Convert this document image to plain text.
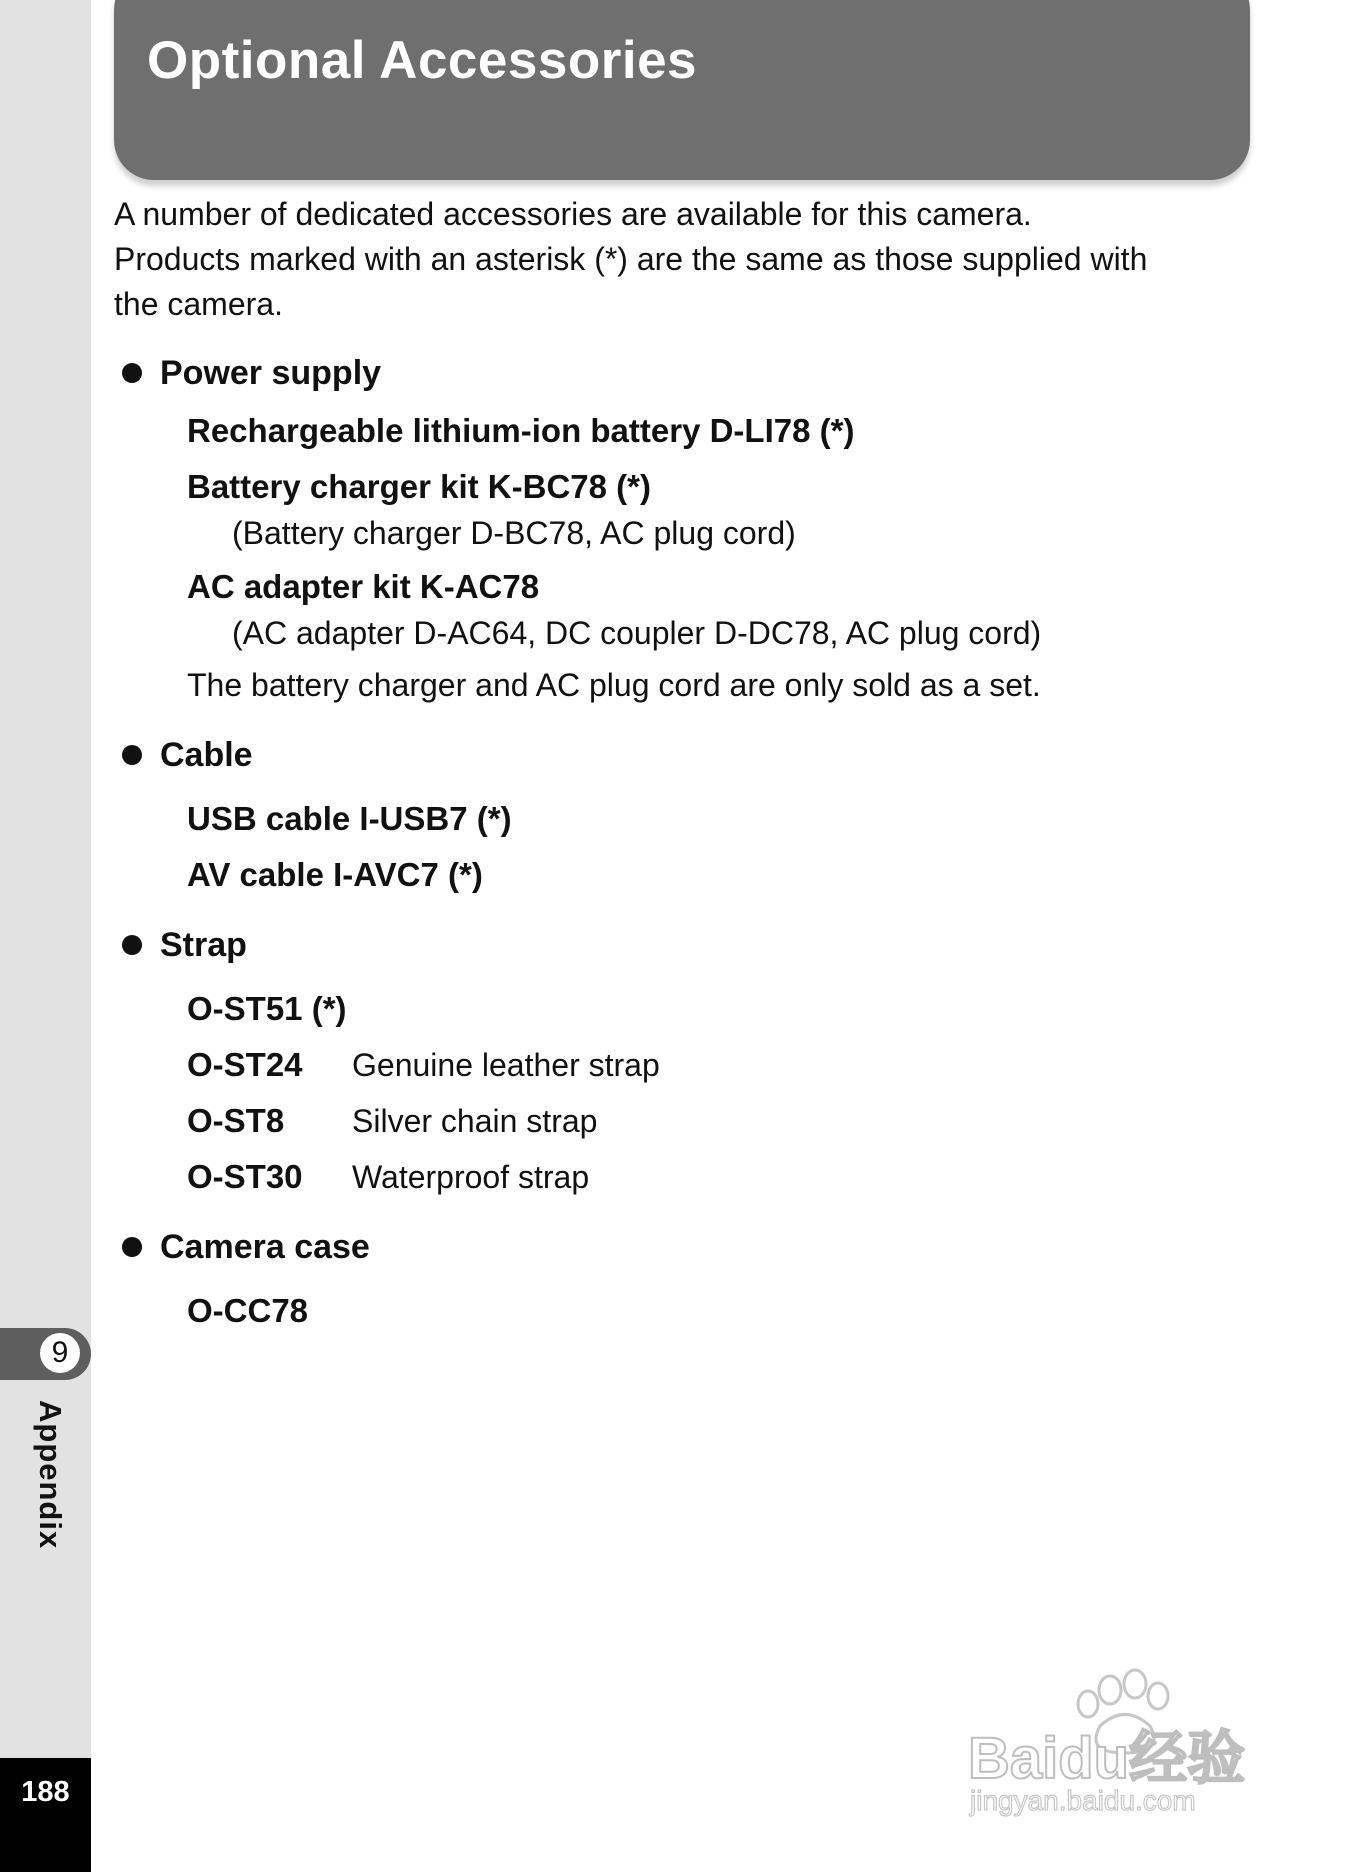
9
Appendix
188
Optional Accessories

A number of dedicated accessories are available for this camera.
Products marked with an asterisk (*) are the same as those supplied with
the camera.

Power supply
Rechargeable lithium-ion battery D-LI78 (*)
Battery charger kit K-BC78 (*)
(Battery charger D-BC78, AC plug cord)
AC adapter kit K-AC78
(AC adapter D-AC64, DC coupler D-DC78, AC plug cord)
The battery charger and AC plug cord are only sold as a set.
Cable
USB cable I-USB7 (*)
AV cable I-AVC7 (*)
Strap
O-ST51 (*)
O-ST24	Genuine leather strap
O-ST8	Silver chain strap
O-ST30	Waterproof strap
Camera case
O-CC78
Baidu经验
jingyan.baidu.com
